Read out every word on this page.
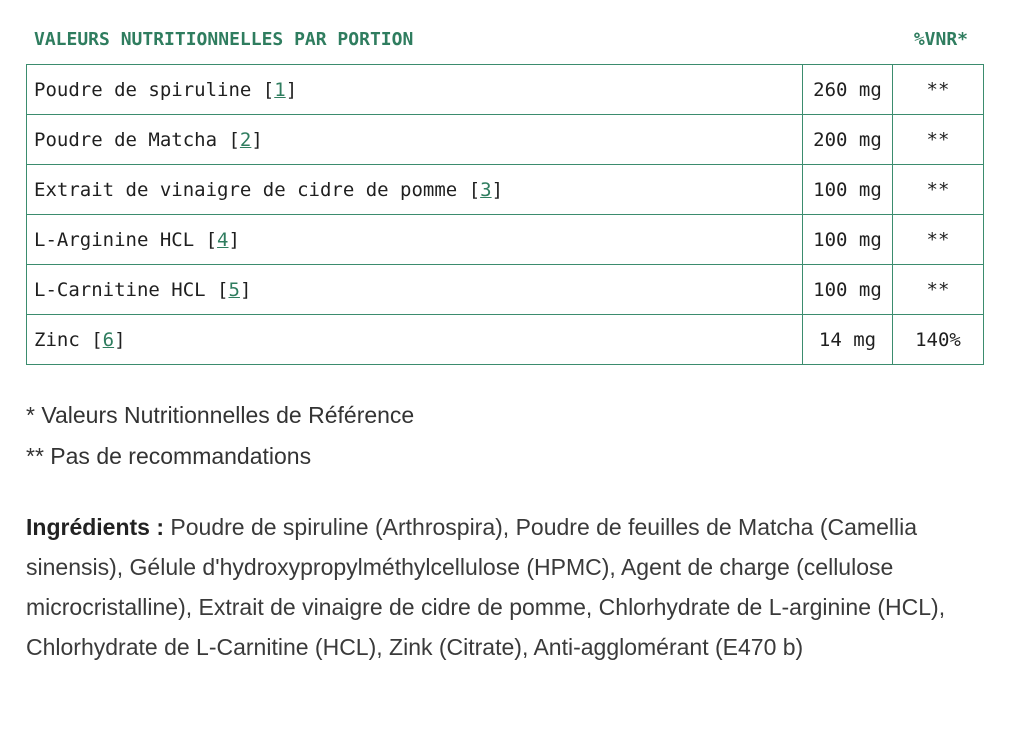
VALEURS NUTRITIONNELLES PAR PORTION	%VNR*
Poudre de spiruline [1]	260 mg	**
Poudre de Matcha [2]	200 mg	**
Extrait de vinaigre de cidre de pomme [3]	100 mg	**
L-Arginine HCL [4]	100 mg	**
L-Carnitine HCL [5]	100 mg	**
Zinc [6]	14 mg	140%
* Valeurs Nutritionnelles de Référence
** Pas de recommandations
Ingrédients : Poudre de spiruline (Arthrospira), Poudre de feuilles de Matcha (Camellia sinensis), Gélule d'hydroxypropylméthylcellulose (HPMC), Agent de charge (cellulose microcristalline), Extrait de vinaigre de cidre de pomme, Chlorhydrate de L-arginine (HCL), Chlorhydrate de L-Carnitine (HCL), Zink (Citrate), Anti-agglomérant (E470 b)
